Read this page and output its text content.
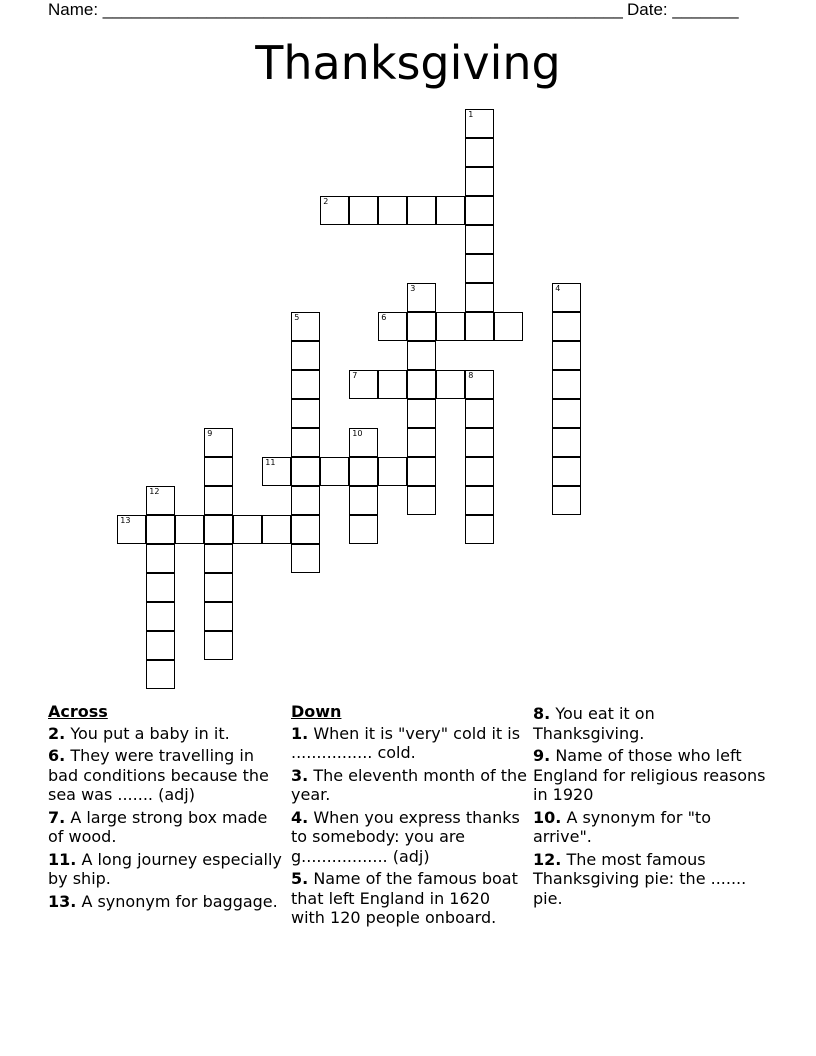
Name: _______________________________________________________ Date: _______
Thanksgiving
1
2
3	4
5	6
7	8
9	10
11
12
13
Across
2. You put a baby in it.
6. They were travelling in bad conditions because the sea was ....... (adj)
7. A large strong box made of wood.
11. A long journey especially by ship.
13. A synonym for baggage.
Down
1. When it is "very" cold it is ................ cold.
3. The eleventh month of the year.
4. When you express thanks to somebody: you are g................. (adj)
5. Name of the famous boat that left England in 1620 with 120 people onboard.
8. You eat it on Thanksgiving.
9. Name of those who left England for religious reasons in 1920
10. A synonym for "to arrive".
12. The most famous Thanksgiving pie: the ....... pie.
